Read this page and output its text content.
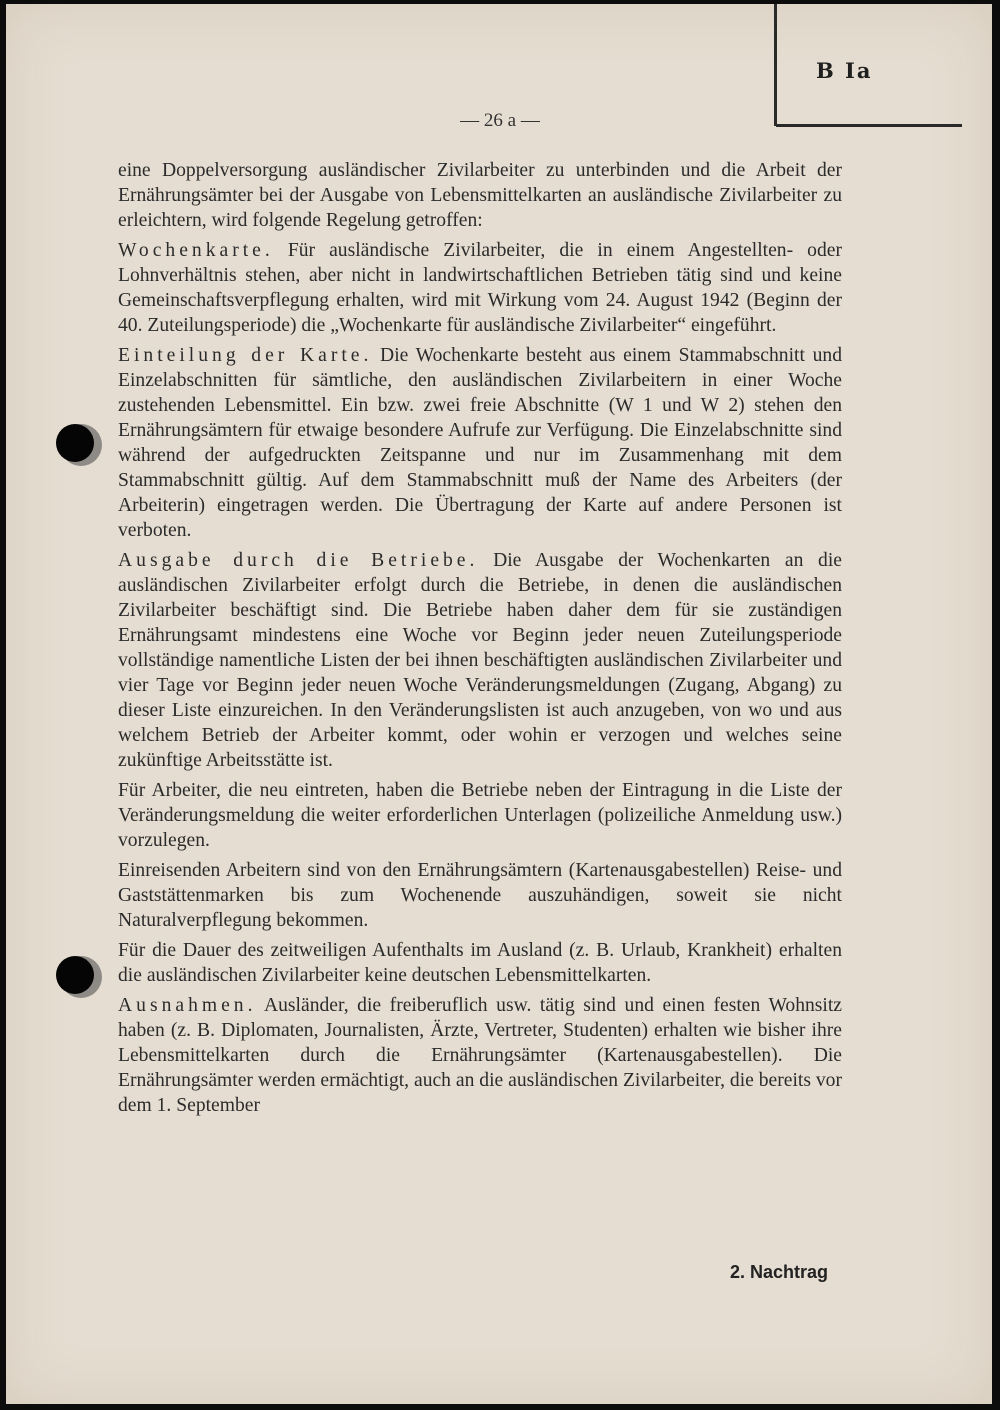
B Ia
— 26 a —

eine Doppelversorgung ausländischer Zivilarbeiter zu unterbinden und die Arbeit der Ernährungsämter bei der Ausgabe von Lebensmittelkarten an ausländische Zivilarbeiter zu erleichtern, wird folgende Regelung getroffen:

Wochenkarte. Für ausländische Zivilarbeiter, die in einem Angestellten- oder Lohnverhältnis stehen, aber nicht in landwirtschaftlichen Betrieben tätig sind und keine Gemeinschaftsverpflegung erhalten, wird mit Wirkung vom 24. August 1942 (Beginn der 40. Zuteilungsperiode) die „Wochenkarte für ausländische Zivilarbeiter“ eingeführt.

Einteilung der Karte. Die Wochenkarte besteht aus einem Stammabschnitt und Einzelabschnitten für sämtliche, den ausländischen Zivilarbeitern in einer Woche zustehenden Lebensmittel. Ein bzw. zwei freie Abschnitte (W 1 und W 2) stehen den Ernährungsämtern für etwaige besondere Aufrufe zur Verfügung. Die Einzelabschnitte sind während der aufgedruckten Zeitspanne und nur im Zusammenhang mit dem Stammabschnitt gültig. Auf dem Stammabschnitt muß der Name des Arbeiters (der Arbeiterin) eingetragen werden. Die Übertragung der Karte auf andere Personen ist verboten.

Ausgabe durch die Betriebe. Die Ausgabe der Wochenkarten an die ausländischen Zivilarbeiter erfolgt durch die Betriebe, in denen die ausländischen Zivilarbeiter beschäftigt sind. Die Betriebe haben daher dem für sie zuständigen Ernährungsamt mindestens eine Woche vor Beginn jeder neuen Zuteilungsperiode vollständige namentliche Listen der bei ihnen beschäftigten ausländischen Zivilarbeiter und vier Tage vor Beginn jeder neuen Woche Veränderungsmeldungen (Zugang, Abgang) zu dieser Liste einzureichen. In den Veränderungslisten ist auch anzugeben, von wo und aus welchem Betrieb der Arbeiter kommt, oder wohin er verzogen und welches seine zukünftige Arbeitsstätte ist.

Für Arbeiter, die neu eintreten, haben die Betriebe neben der Eintragung in die Liste der Veränderungsmeldung die weiter erforderlichen Unterlagen (polizeiliche Anmeldung usw.) vorzulegen.

Einreisenden Arbeitern sind von den Ernährungsämtern (Kartenausgabestellen) Reise- und Gaststättenmarken bis zum Wochenende auszuhändigen, soweit sie nicht Naturalverpflegung bekommen.

Für die Dauer des zeitweiligen Aufenthalts im Ausland (z. B. Urlaub, Krankheit) erhalten die ausländischen Zivilarbeiter keine deutschen Lebensmittelkarten.

Ausnahmen. Ausländer, die freiberuflich usw. tätig sind und einen festen Wohnsitz haben (z. B. Diplomaten, Journalisten, Ärzte, Vertreter, Studenten) erhalten wie bisher ihre Lebensmittelkarten durch die Ernährungsämter (Kartenausgabestellen). Die Ernährungsämter werden ermächtigt, auch an die ausländischen Zivilarbeiter, die bereits vor dem 1. September

2. Nachtrag
